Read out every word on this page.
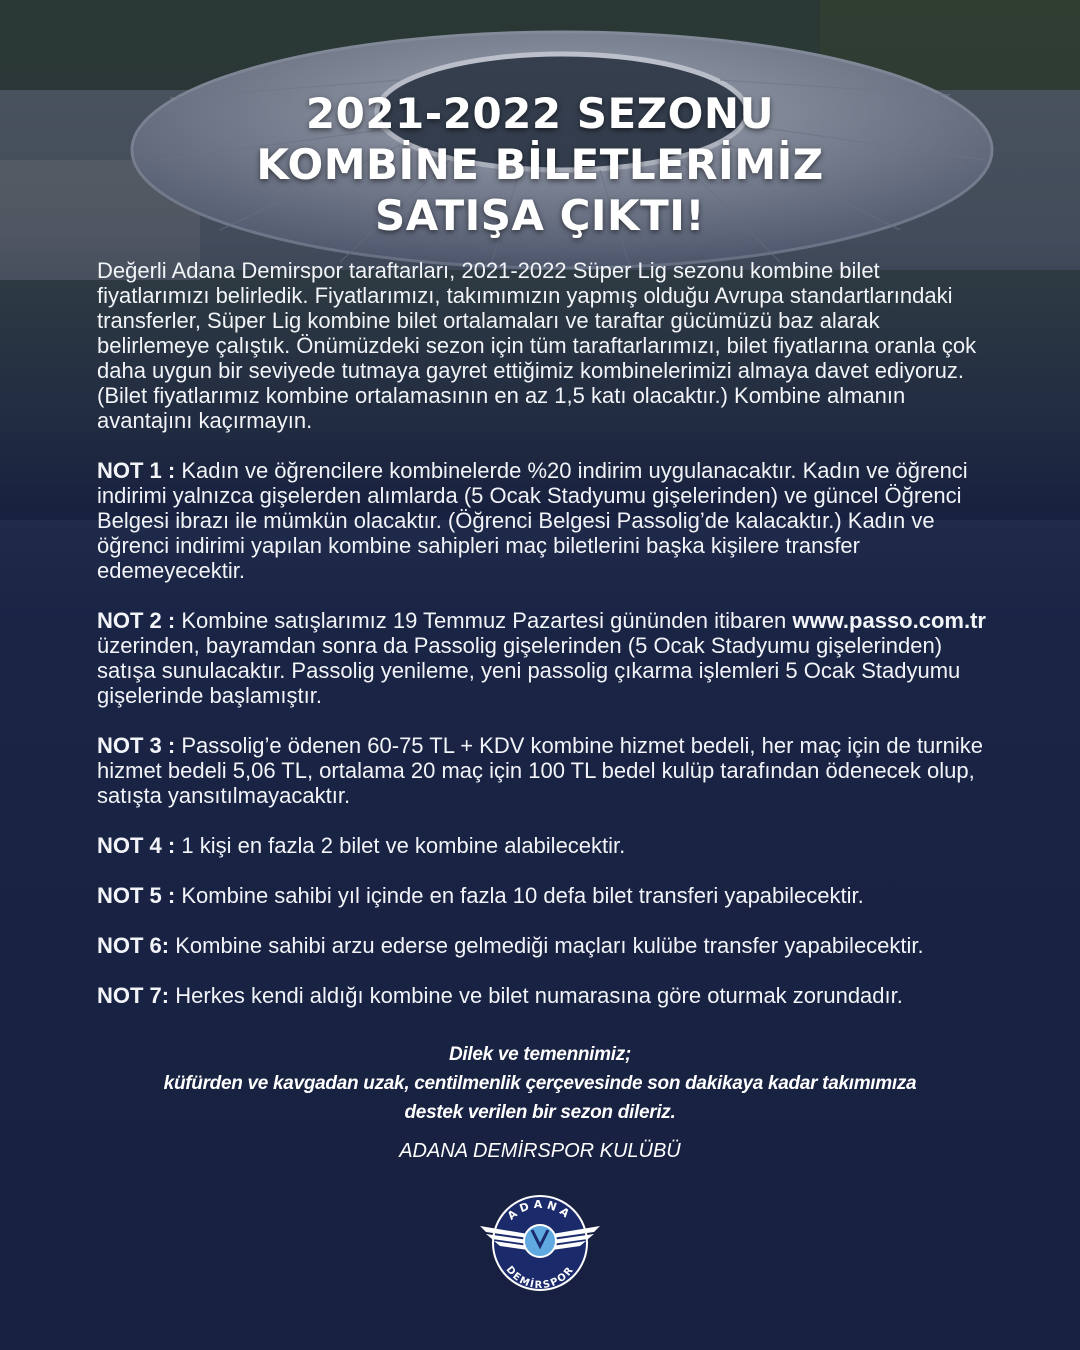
2021-2022 SEZONU
KOMBİNE BİLETLERİMİZ
SATIŞA ÇIKTI!

Değerli Adana Demirspor taraftarları, 2021-2022 Süper Lig sezonu kombine bilet fiyatlarımızı belirledik. Fiyatlarımızı, takımımızın yapmış olduğu Avrupa standartlarındaki transferler, Süper Lig kombine bilet ortalamaları ve taraftar gücümüzü baz alarak belirlemeye çalıştık. Önümüzdeki sezon için tüm taraftarlarımızı, bilet fiyatlarına oranla çok daha uygun bir seviyede tutmaya gayret ettiğimiz kombinelerimizi almaya davet ediyoruz. (Bilet fiyatlarımız kombine ortalamasının en az 1,5 katı olacaktır.) Kombine almanın avantajını kaçırmayın.

NOT 1 : Kadın ve öğrencilere kombinelerde %20 indirim uygulanacaktır. Kadın ve öğrenci indirimi yalnızca gişelerden alımlarda (5 Ocak Stadyumu gişelerinden) ve güncel Öğrenci Belgesi ibrazı ile mümkün olacaktır. (Öğrenci Belgesi Passolig’de kalacaktır.) Kadın ve öğrenci indirimi yapılan kombine sahipleri maç biletlerini başka kişilere transfer edemeyecektir.

NOT 2 : Kombine satışlarımız 19 Temmuz Pazartesi gününden itibaren www.passo.com.tr üzerinden, bayramdan sonra da Passolig gişelerinden (5 Ocak Stadyumu gişelerinden) satışa sunulacaktır. Passolig yenileme, yeni passolig çıkarma işlemleri 5 Ocak Stadyumu gişelerinde başlamıştır.

NOT 3 : Passolig’e ödenen 60-75 TL + KDV kombine hizmet bedeli, her maç için de turnike hizmet bedeli 5,06 TL, ortalama 20 maç için 100 TL bedel kulüp tarafından ödenecek olup, satışta yansıtılmayacaktır.

NOT 4 : 1 kişi en fazla 2 bilet ve kombine alabilecektir.

NOT 5 : Kombine sahibi yıl içinde en fazla 10 defa bilet transferi yapabilecektir.

NOT 6: Kombine sahibi arzu ederse gelmediği maçları kulübe transfer yapabilecektir.

NOT 7: Herkes kendi aldığı kombine ve bilet numarasına göre oturmak zorundadır.

Dilek ve temennimiz;
küfürden ve kavgadan uzak, centilmenlik çerçevesinde son dakikaya kadar takımımıza
destek verilen bir sezon dileriz.
ADANA DEMİRSPOR KULÜBÜ
ADANA
DEMİRSPOR
1940
